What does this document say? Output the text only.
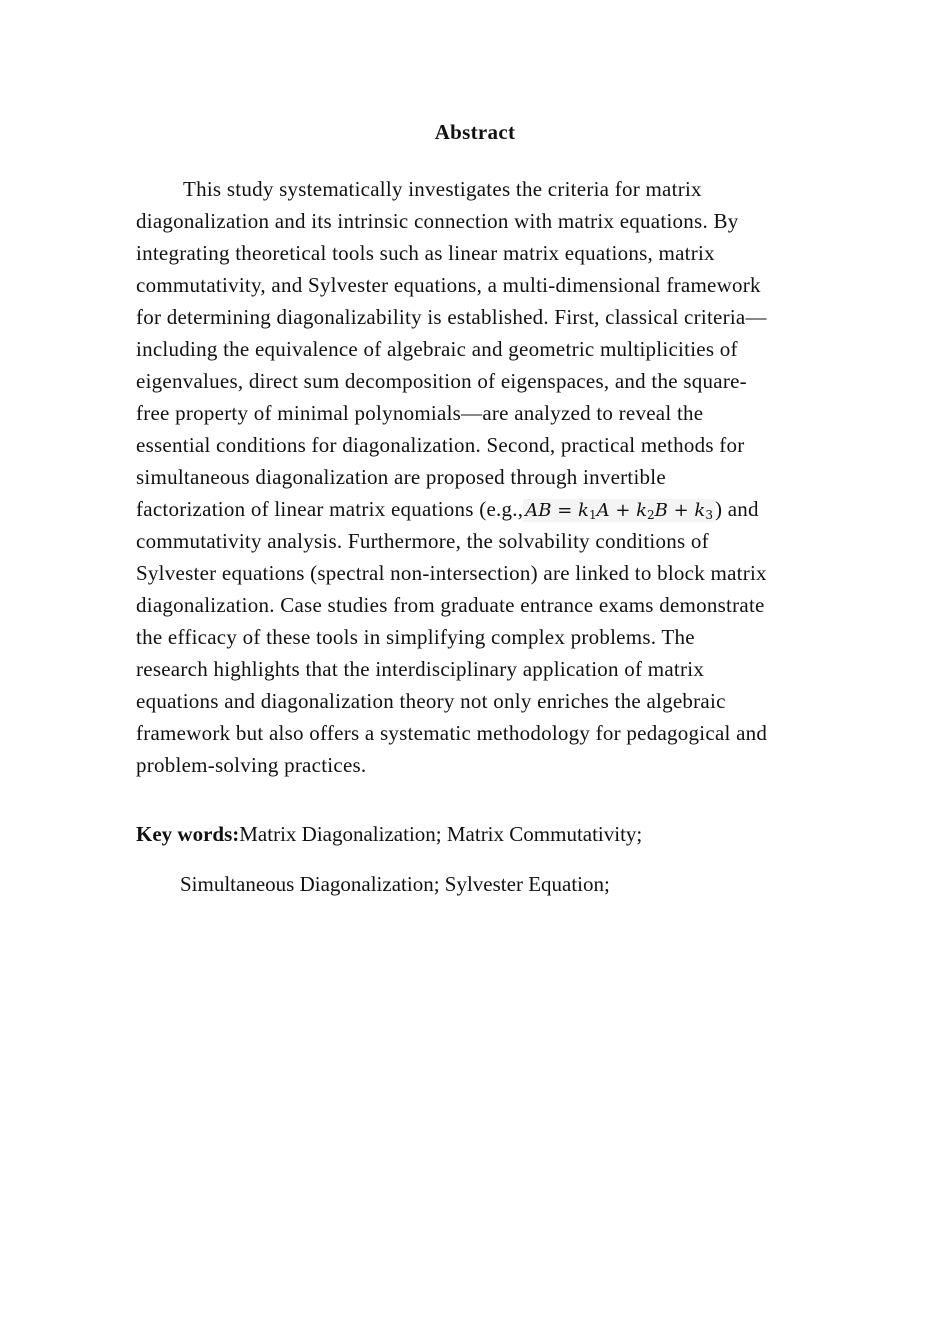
Abstract
This study systematically investigates the criteria for matrix
diagonalization and its intrinsic connection with matrix equations. By
integrating theoretical tools such as linear matrix equations, matrix
commutativity, and Sylvester equations, a multi-dimensional framework
for determining diagonalizability is established. First, classical criteria—
including the equivalence of algebraic and geometric multiplicities of
eigenvalues, direct sum decomposition of eigenspaces, and the square-
free property of minimal polynomials—are analyzed to reveal the
essential conditions for diagonalization. Second, practical methods for
simultaneous diagonalization are proposed through invertible
factorization of linear matrix equations (e.g., AB = $k_1A + k_2B + k_3$) and
commutativity analysis. Furthermore, the solvability conditions of
Sylvester equations (spectral non-intersection) are linked to block matrix
diagonalization. Case studies from graduate entrance exams demonstrate
the efficacy of these tools in simplifying complex problems. The
research highlights that the interdisciplinary application of matrix
equations and diagonalization theory not only enriches the algebraic
framework but also offers a systematic methodology for pedagogical and
problem-solving practices.
Key words:Matrix Diagonalization; Matrix Commutativity;
Simultaneous Diagonalization; Sylvester Equation;
